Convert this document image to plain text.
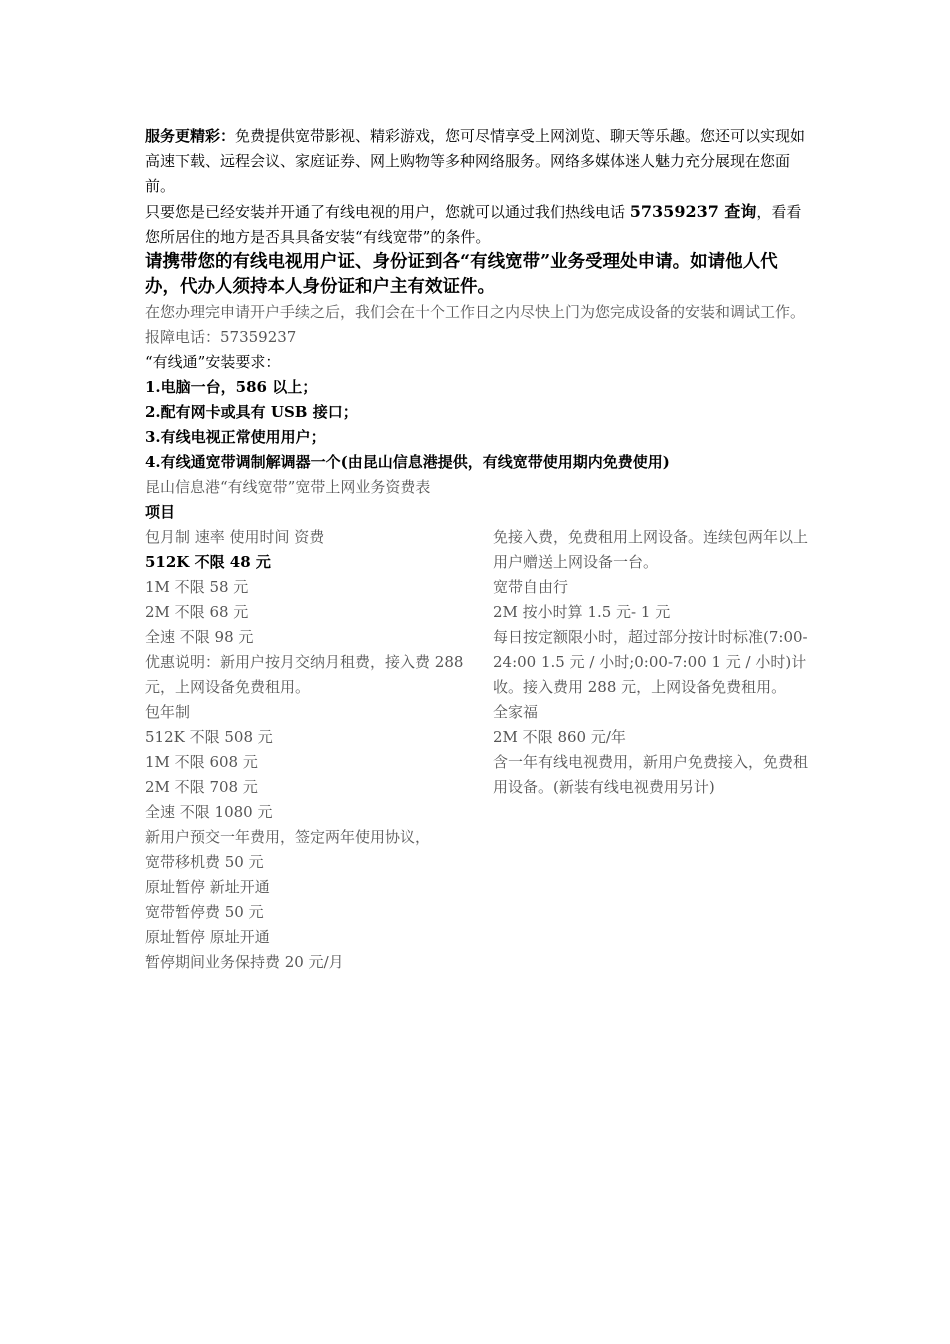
服务更精彩：免费提供宽带影视、精彩游戏，您可尽情享受上网浏览、聊天等乐趣。您还可以实现如高速下载、远程会议、家庭证券、网上购物等多种网络服务。网络多媒体迷人魅力充分展现在您面前。

只要您是已经安装并开通了有线电视的用户，您就可以通过我们热线电话 57359237 查询，看看您所居住的地方是否具具备安装“有线宽带”的条件。

请携带您的有线电视用户证、身份证到各“有线宽带”业务受理处申请。如请他人代办，代办人须持本人身份证和户主有效证件。

在您办理完申请开户手续之后，我们会在十个工作日之内尽快上门为您完成设备的安装和调试工作。报障电话：57359237

“有线通”安装要求：

1.电脑一台，586 以上；

2.配有网卡或具有 USB 接口；

3.有线电视正常使用用户；

4.有线通宽带调制解调器一个(由昆山信息港提供，有线宽带使用期内免费使用)

昆山信息港“有线宽带”宽带上网业务资费表

项目

包月制 速率 使用时间 资费

512K 不限 48 元

1M 不限 58 元

2M 不限 68 元

全速 不限 98 元

优惠说明：新用户按月交纳月租费，接入费 288 元，上网设备免费租用。

包年制

512K 不限 508 元

1M 不限 608 元

2M 不限 708 元

全速 不限 1080 元

新用户预交一年费用，签定两年使用协议，

免接入费，免费租用上网设备。连续包两年以上用户赠送上网设备一台。

宽带自由行

2M 按小时算 1.5 元- 1 元

每日按定额限小时，超过部分按计时标准(7:00-24:00 1.5 元 / 小时;0:00-7:00 1 元 / 小时)计收。接入费用 288 元，上网设备免费租用。

全家福

2M 不限 860 元/年

含一年有线电视费用，新用户免费接入，免费租用设备。(新装有线电视费用另计)

宽带移机费 50 元

原址暂停 新址开通

宽带暂停费 50 元

原址暂停 原址开通

暂停期间业务保持费 20 元/月
